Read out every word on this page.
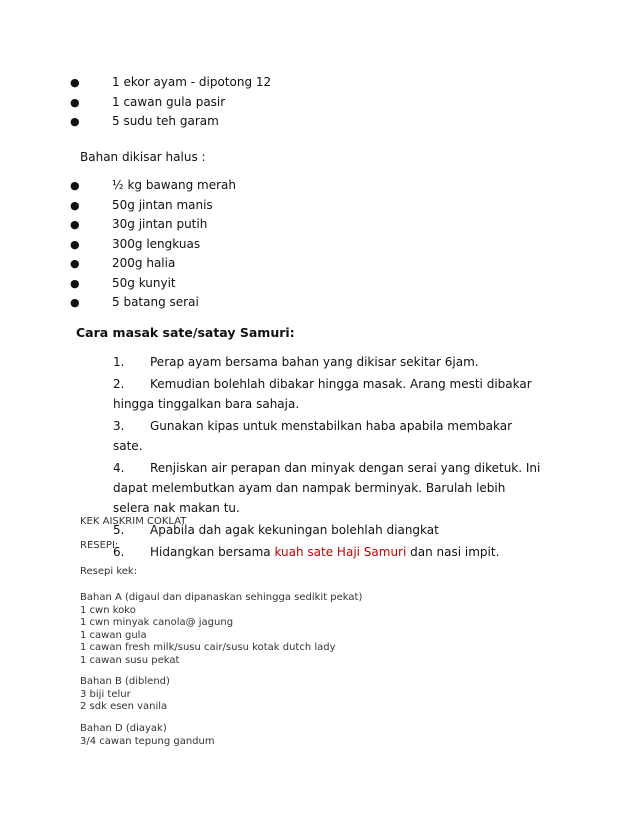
●	1 ekor ayam - dipotong 12
●	1 cawan gula pasir
●	5 sudu teh garam
Bahan dikisar halus :
●	½ kg bawang merah
●	50g jintan manis
●	30g jintan putih
●	300g lengkuas
●	200g halia
●	50g kunyit
●	5 batang serai
Cara masak sate/satay Samuri:
1.	Perap ayam bersama bahan yang dikisar sekitar 6jam.
2.	Kemudian bolehlah dibakar hingga masak. Arang mesti dibakar hingga tinggalkan bara sahaja.
3.	Gunakan kipas untuk menstabilkan haba apabila membakar sate.
4.	Renjiskan air perapan dan minyak dengan serai yang diketuk. Ini dapat melembutkan ayam dan nampak berminyak. Barulah lebih selera nak makan tu.
5.	Apabila dah agak kekuningan bolehlah diangkat
6.	Hidangkan bersama kuah sate Haji Samuri dan nasi impit.
KEK AISKRIM COKLAT
RESEPI:
Resepi kek:
Bahan A (digaul dan dipanaskan sehingga sedikit pekat)
1 cwn koko
1 cwn minyak canola@ jagung
1 cawan gula
1 cawan fresh milk/susu cair/susu kotak dutch lady
1 cawan susu pekat
Bahan B (diblend)
3 biji telur
2 sdk esen vanila
Bahan D (diayak)
3/4 cawan tepung gandum
